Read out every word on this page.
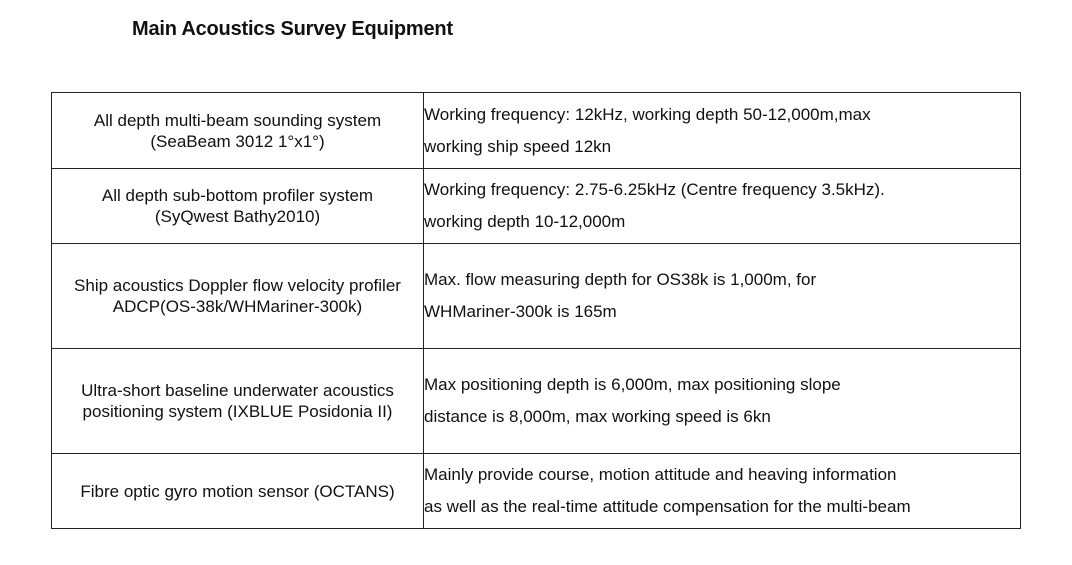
Main Acoustics Survey Equipment
All depth multi-beam sounding system
(SeaBeam 3012 1°x1°)	Working frequency: 12kHz, working depth 50-12,000m,max
working ship speed 12kn

All depth sub-bottom profiler system
(SyQwest Bathy2010)	Working frequency: 2.75-6.25kHz (Centre frequency 3.5kHz).
working depth 10-12,000m

Ship acoustics Doppler flow velocity profiler
ADCP(OS-38k/WHMariner-300k)	Max. flow measuring depth for OS38k is 1,000m, for
WHMariner-300k is 165m

Ultra-short baseline underwater acoustics
positioning system (IXBLUE Posidonia II)	Max positioning depth is 6,000m, max positioning slope
distance is 8,000m, max working speed is 6kn

Fibre optic gyro motion sensor (OCTANS)	Mainly provide course, motion attitude and heaving information
as well as the real-time attitude compensation for the multi-beam
